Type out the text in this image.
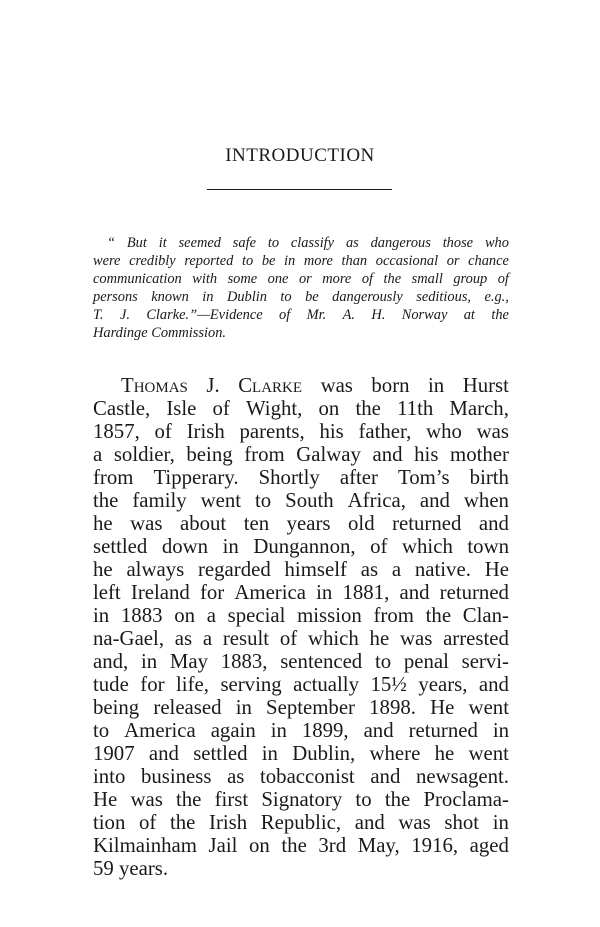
INTRODUCTION
“ But it seemed safe to classify as dangerous those who
were credibly reported to be in more than occasional or chance
communication with some one or more of the small group of
persons known in Dublin to be dangerously seditious, e.g.,
T. J. Clarke.”—Evidence of Mr. A. H. Norway at the
Hardinge Commission.
Thomas J. Clarke was born in Hurst
Castle, Isle of Wight, on the 11th March,
1857, of Irish parents, his father, who was
a soldier, being from Galway and his mother
from Tipperary. Shortly after Tom’s birth
the family went to South Africa, and when
he was about ten years old returned and
settled down in Dungannon, of which town
he always regarded himself as a native. He
left Ireland for America in 1881, and returned
in 1883 on a special mission from the Clan-
na-Gael, as a result of which he was arrested
and, in May 1883, sentenced to penal servi-
tude for life, serving actually 15½ years, and
being released in September 1898. He went
to America again in 1899, and returned in
1907 and settled in Dublin, where he went
into business as tobacconist and newsagent.
He was the first Signatory to the Proclama-
tion of the Irish Republic, and was shot in
Kilmainham Jail on the 3rd May, 1916, aged
59 years.
